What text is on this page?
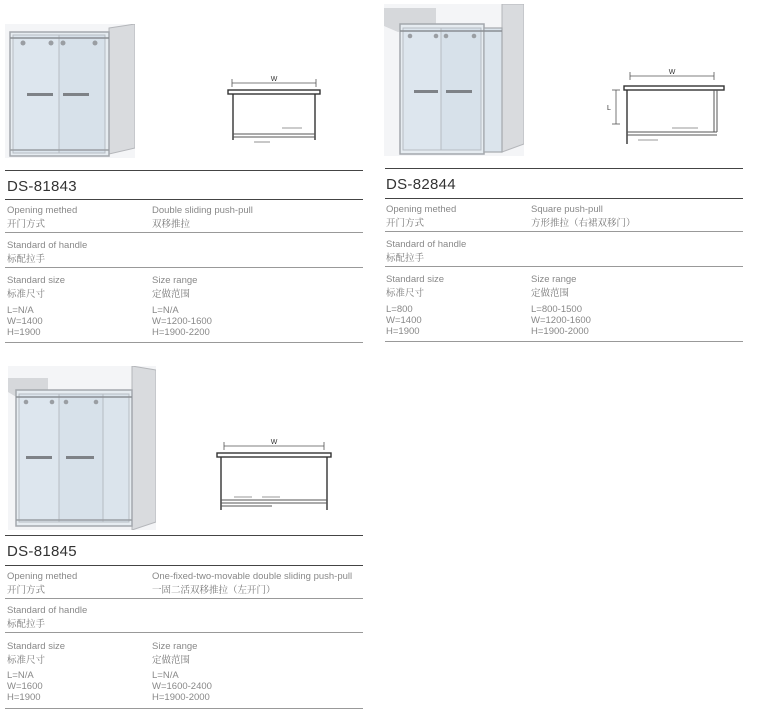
W
DS-81843
Opening methed
开门方式
Double sliding push-pull
双移推拉
Standard of handle
标配拉手
Standard size
标准尺寸
Size range
定做范围
L=N/A
W=1400
H=1900
L=N/A
W=1200-1600
H=1900-2200
W
L
DS-82844
Opening methed
开门方式
Square push-pull
方形推拉（右裙双移门）
Standard of handle
标配拉手
Standard size
标准尺寸
Size range
定做范围
L=800
W=1400
H=1900
L=800-1500
W=1200-1600
H=1900-2000
W
DS-81845
Opening methed
开门方式
One-fixed-two-movable double sliding push-pull
一固二活双移推拉（左开门）
Standard of handle
标配拉手
Standard size
标准尺寸
Size range
定做范围
L=N/A
W=1600
H=1900
L=N/A
W=1600-2400
H=1900-2000
